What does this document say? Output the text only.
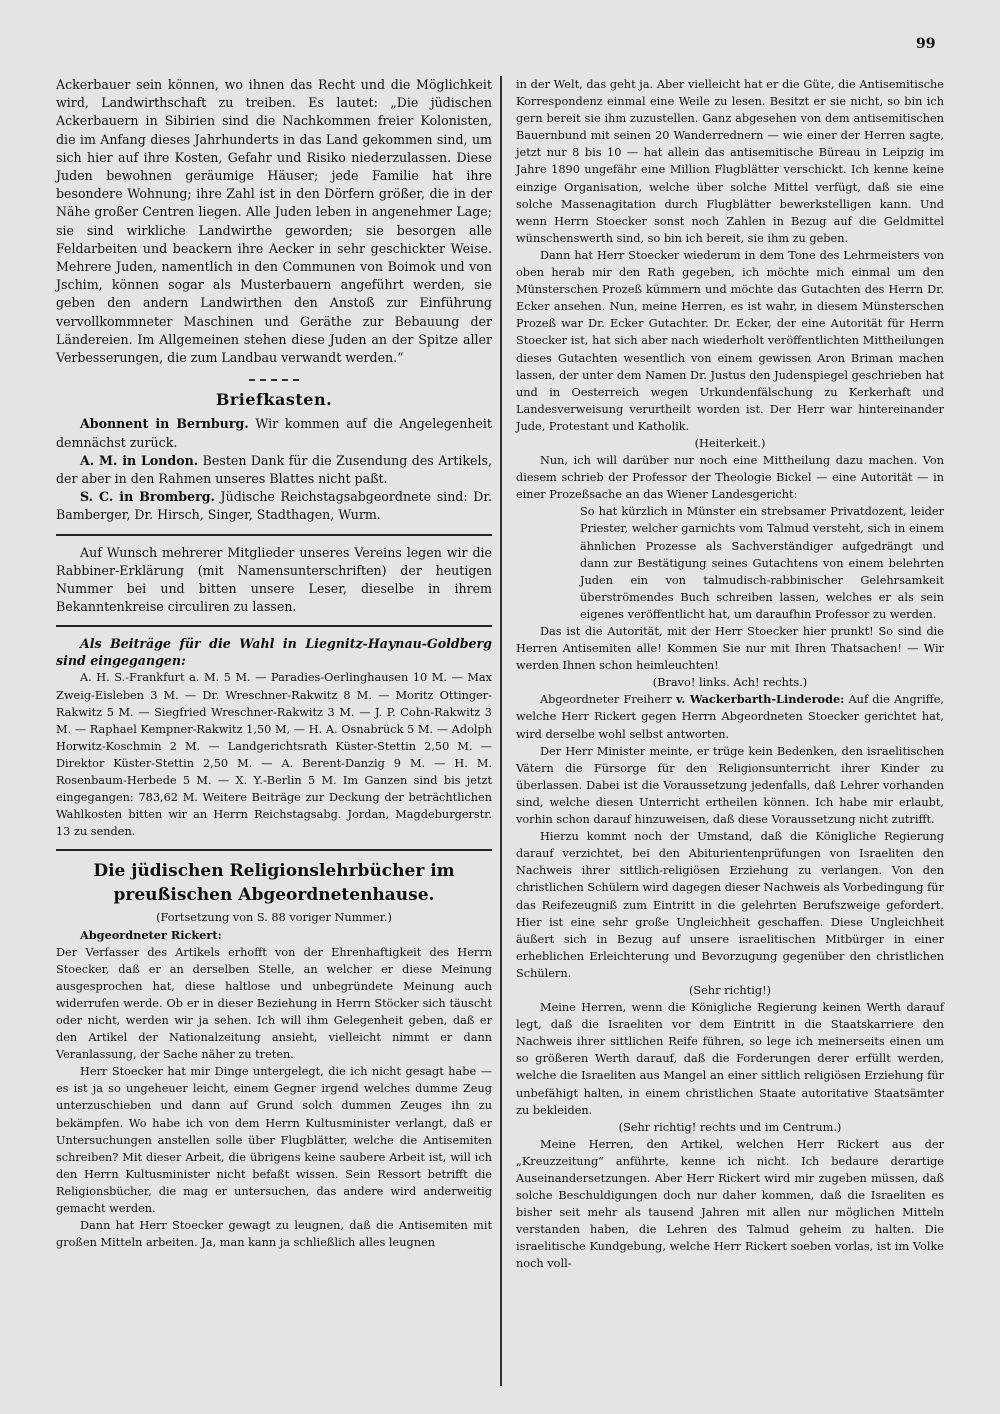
99

Ackerbauer sein können, wo ihnen das Recht und die Möglichkeit wird, Landwirthschaft zu treiben. Es lautet: „Die jüdischen Ackerbauern in Sibirien sind die Nachkommen freier Kolonisten, die im Anfang dieses Jahrhunderts in das Land gekommen sind, um sich hier auf ihre Kosten, Gefahr und Risiko niederzulassen. Diese Juden bewohnen geräumige Häuser; jede Familie hat ihre besondere Wohnung; ihre Zahl ist in den Dörfern größer, die in der Nähe großer Centren liegen. Alle Juden leben in angenehmer Lage; sie sind wirkliche Landwirthe geworden; sie besorgen alle Feldarbeiten und beackern ihre Aecker in sehr geschickter Weise. Mehrere Juden, namentlich in den Communen von Boimok und von Jschim, können sogar als Musterbauern angeführt werden, sie geben den andern Landwirthen den Anstoß zur Einführung vervollkommneter Maschinen und Geräthe zur Bebauung der Ländereien. Im Allgemeinen stehen diese Juden an der Spitze aller Verbesserungen, die zum Landbau verwandt werden.“

Briefkasten.

Abonnent in Bernburg. Wir kommen auf die Angelegenheit demnächst zurück.

A. M. in London. Besten Dank für die Zusendung des Artikels, der aber in den Rahmen unseres Blattes nicht paßt.

S. C. in Bromberg. Jüdische Reichstagsabgeordnete sind: Dr. Bamberger, Dr. Hirsch, Singer, Stadthagen, Wurm.

Auf Wunsch mehrerer Mitglieder unseres Vereins legen wir die Rabbiner-Erklärung (mit Namensunterschriften) der heutigen Nummer bei und bitten unsere Leser, dieselbe in ihrem Bekanntenkreise circuliren zu lassen.

Als Beiträge für die Wahl in Liegnitz-Haynau-Goldberg sind eingegangen:

A. H. S.-Frankfurt a. M. 5 M. — Paradies-Oerlinghausen 10 M. — Max Zweig-Eisleben 3 M. — Dr. Wreschner-Rakwitz 8 M. — Moritz Ottinger-Rakwitz 5 M. — Siegfried Wreschner-Rakwitz 3 M. — J. P. Cohn-Rakwitz 3 M. — Raphael Kempner-Rakwitz 1,50 M, — H. A. Osnabrück 5 M. — Adolph Horwitz-Koschmin 2 M. — Landgerichtsrath Küster-Stettin 2,50 M. — Direktor Küster-Stettin 2,50 M. — A. Berent-Danzig 9 M. — H. M. Rosenbaum-Herbede 5 M. — X. Y.-Berlin 5 M. Im Ganzen sind bis jetzt eingegangen: 783,62 M. Weitere Beiträge zur Deckung der beträchtlichen Wahlkosten bitten wir an Herrn Reichstagsabg. Jordan, Magdeburgerstr. 13 zu senden.

Die jüdischen Religionslehrbücher im preußischen Abgeordnetenhause.

(Fortsetzung von S. 88 voriger Nummer.)

Abgeordneter Rickert:

Der Verfasser des Artikels erhofft von der Ehrenhaftigkeit des Herrn Stoecker, daß er an derselben Stelle, an welcher er diese Meinung ausgesprochen hat, diese haltlose und unbegründete Meinung auch widerrufen werde. Ob er in dieser Beziehung in Herrn Stöcker sich täuscht oder nicht, werden wir ja sehen. Ich will ihm Gelegenheit geben, daß er den Artikel der Nationalzeitung ansieht, vielleicht nimmt er dann Veranlassung, der Sache näher zu treten.

Herr Stoecker hat mir Dinge untergelegt, die ich nicht gesagt habe — es ist ja so ungeheuer leicht, einem Gegner irgend welches dumme Zeug unterzuschieben und dann auf Grund solch dummen Zeuges ihn zu bekämpfen. Wo habe ich von dem Herrn Kultusminister verlangt, daß er Untersuchungen anstellen solle über Flugblätter, welche die Antisemiten schreiben? Mit dieser Arbeit, die übrigens keine saubere Arbeit ist, will ich den Herrn Kultusminister nicht befaßt wissen. Sein Ressort betrifft die Religionsbücher, die mag er untersuchen, das andere wird anderweitig gemacht werden.

Dann hat Herr Stoecker gewagt zu leugnen, daß die Antisemiten mit großen Mitteln arbeiten. Ja, man kann ja schließlich alles leugnen

in der Welt, das geht ja. Aber vielleicht hat er die Güte, die Antisemitische Korrespondenz einmal eine Weile zu lesen. Besitzt er sie nicht, so bin ich gern bereit sie ihm zuzustellen. Ganz abgesehen von dem antisemitischen Bauernbund mit seinen 20 Wanderrednern — wie einer der Herren sagte, jetzt nur 8 bis 10 — hat allein das antisemitische Büreau in Leipzig im Jahre 1890 ungefähr eine Million Flugblätter verschickt. Ich kenne keine einzige Organisation, welche über solche Mittel verfügt, daß sie eine solche Massenagitation durch Flugblätter bewerkstelligen kann. Und wenn Herrn Stoecker sonst noch Zahlen in Bezug auf die Geldmittel wünschenswerth sind, so bin ich bereit, sie ihm zu geben.

Dann hat Herr Stoecker wiederum in dem Tone des Lehrmeisters von oben herab mir den Rath gegeben, ich möchte mich einmal um den Münsterschen Prozeß kümmern und möchte das Gutachten des Herrn Dr. Ecker ansehen. Nun, meine Herren, es ist wahr, in diesem Münsterschen Prozeß war Dr. Ecker Gutachter. Dr. Ecker, der eine Autorität für Herrn Stoecker ist, hat sich aber nach wiederholt veröffentlichten Mittheilungen dieses Gutachten wesentlich von einem gewissen Aron Briman machen lassen, der unter dem Namen Dr. Justus den Judenspiegel geschrieben hat und in Oesterreich wegen Urkundenfälschung zu Kerkerhaft und Landesverweisung verurtheilt worden ist. Der Herr war hintereinander Jude, Protestant und Katholik.

(Heiterkeit.)

Nun, ich will darüber nur noch eine Mittheilung dazu machen. Von diesem schrieb der Professor der Theologie Bickel — eine Autorität — in einer Prozeßsache an das Wiener Landesgericht:

So hat kürzlich in Münster ein strebsamer Privatdozent, leider Priester, welcher garnichts vom Talmud versteht, sich in einem ähnlichen Prozesse als Sachverständiger aufgedrängt und dann zur Bestätigung seines Gutachtens von einem belehrten Juden ein von talmudisch-rabbinischer Gelehrsamkeit überströmendes Buch schreiben lassen, welches er als sein eigenes veröffentlicht hat, um daraufhin Professor zu werden.

Das ist die Autorität, mit der Herr Stoecker hier prunkt! So sind die Herren Antisemiten alle! Kommen Sie nur mit Ihren Thatsachen! — Wir werden Ihnen schon heimleuchten!

(Bravo! links. Ach! rechts.)

Abgeordneter Freiherr v. Wackerbarth-Linderode: Auf die Angriffe, welche Herr Rickert gegen Herrn Abgeordneten Stoecker gerichtet hat, wird derselbe wohl selbst antworten.

Der Herr Minister meinte, er trüge kein Bedenken, den israelitischen Vätern die Fürsorge für den Religionsunterricht ihrer Kinder zu überlassen. Dabei ist die Voraussetzung jedenfalls, daß Lehrer vorhanden sind, welche diesen Unterricht ertheilen können. Ich habe mir erlaubt, vorhin schon darauf hinzuweisen, daß diese Voraussetzung nicht zutrifft.

Hierzu kommt noch der Umstand, daß die Königliche Regierung darauf verzichtet, bei den Abiturientenprüfungen von Israeliten den Nachweis ihrer sittlich-religiösen Erziehung zu verlangen. Von den christlichen Schülern wird dagegen dieser Nachweis als Vorbedingung für das Reifezeugniß zum Eintritt in die gelehrten Berufszweige gefordert. Hier ist eine sehr große Ungleichheit geschaffen. Diese Ungleichheit äußert sich in Bezug auf unsere israelitischen Mitbürger in einer erheblichen Erleichterung und Bevorzugung gegenüber den christlichen Schülern.

(Sehr richtig!)

Meine Herren, wenn die Königliche Regierung keinen Werth darauf legt, daß die Israeliten vor dem Eintritt in die Staatskarriere den Nachweis ihrer sittlichen Reife führen, so lege ich meinerseits einen um so größeren Werth darauf, daß die Forderungen derer erfüllt werden, welche die Israeliten aus Mangel an einer sittlich religiösen Erziehung für unbefähigt halten, in einem christlichen Staate autoritative Staatsämter zu bekleiden.

(Sehr richtig! rechts und im Centrum.)

Meine Herren, den Artikel, welchen Herr Rickert aus der „Kreuzzeitung“ anführte, kenne ich nicht. Ich bedaure derartige Auseinandersetzungen. Aber Herr Rickert wird mir zugeben müssen, daß solche Beschuldigungen doch nur daher kommen, daß die Israeliten es bisher seit mehr als tausend Jahren mit allen nur möglichen Mitteln verstanden haben, die Lehren des Talmud geheim zu halten. Die israelitische Kundgebung, welche Herr Rickert soeben vorlas, ist im Volke noch voll-
